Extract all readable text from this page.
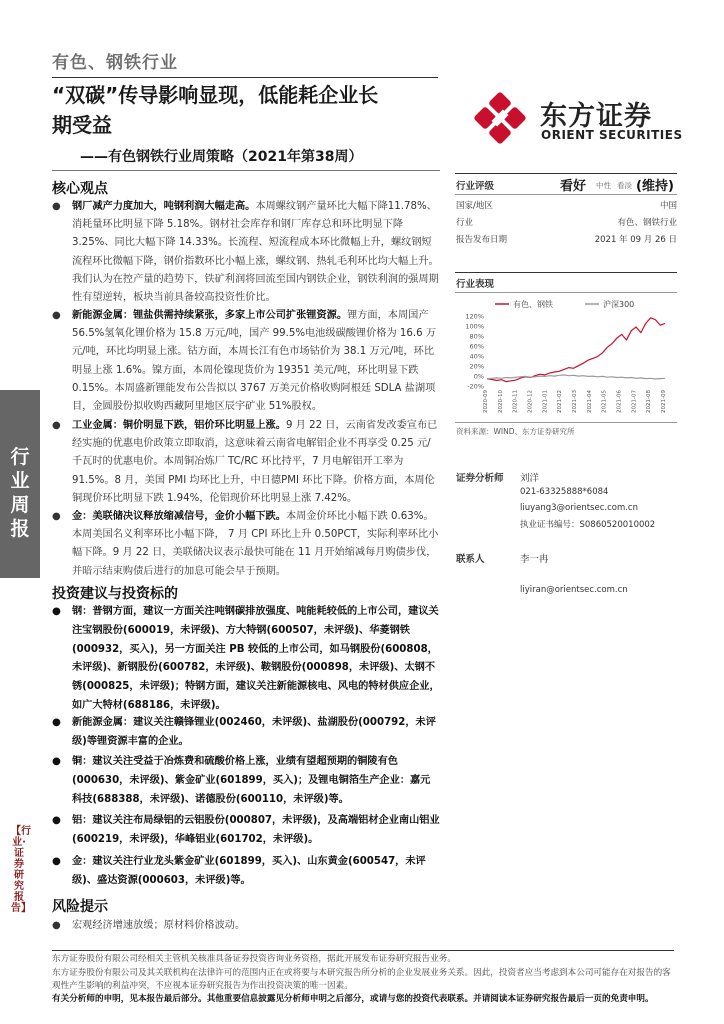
有色、钢铁行业
“双碳”传导影响显现，低能耗企业长
期受益
——有色钢铁行业周策略（2021年第38周）
东方证券
ORIENT SECURITIES
行
业
周
报
【行业·证券研究报告】
核心观点
● 钢厂减产力度加大，吨钢利润大幅走高。本周螺纹钢产量环比大幅下降11.78%、消耗量环比明显下降 5.18%。钢材社会库存和钢厂库存总和环比明显下降 3.25%、同比大幅下降 14.33%。长流程、短流程成本环比微幅上升，螺纹钢短流程环比微幅下降，钢价指数环比小幅上涨，螺纹钢、热轧毛利环比均大幅上升。我们认为在控产量的趋势下，铁矿利润将回流至国内钢铁企业，钢铁利润的强周期性有望逆转，板块当前具备较高投资性价比。
● 新能源金属：锂盐供需持续紧张，多家上市公司扩张锂资源。锂方面，本周国产 56.5%氢氧化锂价格为 15.8 万元/吨，国产 99.5%电池级碳酸锂价格为 16.6 万元/吨，环比均明显上涨。钴方面，本周长江有色市场钴价为 38.1 万元/吨，环比明显上涨 1.6%。镍方面，本周伦镍现货价为 19351 美元/吨，环比明显下跌 0.15%。本周盛新锂能发布公告拟以 3767 万美元价格收购阿根廷 SDLA 盐湖项目，金圆股份拟收购西藏阿里地区辰宇矿业 51%股权。
● 工业金属：铜价明显下跌，铝价环比明显上涨。9 月 22 日，云南省发改委宣布已经实施的优惠电价政策立即取消，这意味着云南省电解铝企业不再享受 0.25 元/千瓦时的优惠电价。本周铜冶炼厂 TC/RC 环比持平，7 月电解铝开工率为 91.5%。8 月，美国 PMI 均环比上升，中日德PMI 环比下降。价格方面，本周伦铜现价环比明显下跌 1.94%，伦铝现价环比明显上涨 7.42%。
● 金：美联储决议释放缩减信号，金价小幅下跌。本周金价环比小幅下跌 0.63%。本周美国名义利率环比小幅下降， 7 月 CPI 环比上升 0.50PCT，实际利率环比小幅下降。9 月 22 日，美联储决议表示最快可能在 11 月开始缩减每月购债步伐，并暗示结束购债后进行的加息可能会早于预期。
投资建议与投资标的
● 钢：普钢方面，建议一方面关注吨钢碳排放强度、吨能耗较低的上市公司，建议关注宝钢股份(600019，未评级)、方大特钢(600507，未评级)、华菱钢铁(000932，买入)，另一方面关注 PB 较低的上市公司，如马钢股份(600808，未评级)、新钢股份(600782，未评级)、鞍钢股份(000898，未评级)、太钢不锈(000825，未评级)；特钢方面，建议关注新能源核电、风电的特材供应企业，如广大特材(688186，未评级)。
● 新能源金属：建议关注赣锋锂业(002460，未评级)、盐湖股份(000792，未评级)等锂资源丰富的企业。
● 铜：建议关注受益于冶炼费和硫酸价格上涨，业绩有望超预期的铜陵有色(000630，未评级)、紫金矿业(601899，买入)；及锂电铜箔生产企业：嘉元科技(688388，未评级)、诺德股份(600110，未评级)等。
● 铝：建议关注布局绿铝的云铝股份(000807，未评级)，及高端铝材企业南山铝业(600219，未评级)，华峰铝业(601702，未评级)。
● 金：建议关注行业龙头紫金矿业(601899，买入)、山东黄金(600547，未评级)、盛达资源(000603，未评级)等。
风险提示
● 宏观经济增速放缓；原材料价格波动。
行业评级	看好 中性 看淡 (维持)
国家/地区	中国
行业	有色、钢铁行业
报告发布日期	2021 年 09 月 26 日
行业表现
有色、钢铁	沪深300
120%
100%
80%
60%
40%
20%
0%
-20%
2020-09 2020-10 2020-11 2020-12 2021-01 2021-02 2021-03 2021-04 2021-05 2021-06 2021-07 2021-08 2021-09
资料来源：WIND、东方证券研究所
证券分析师 刘洋
021-63325888*6084
liuyang3@orientsec.com.cn
执业证书编号：S0860520010002
联系人	李一冉
liyiran@orientsec.com.cn
东方证券股份有限公司经相关主管机关核准具备证券投资咨询业务资格，据此开展发布证券研究报告业务。
东方证券股份有限公司及其关联机构在法律许可的范围内正在或将要与本研究报告所分析的企业发展业务关系。因此，投资者应当考虑到本公司可能存在对报告的客观性产生影响的利益冲突，不应视本证券研究报告为作出投资决策的唯一因素。
有关分析师的申明，见本报告最后部分。其他重要信息披露见分析师申明之后部分，或请与您的投资代表联系。并请阅读本证券研究报告最后一页的免责申明。
